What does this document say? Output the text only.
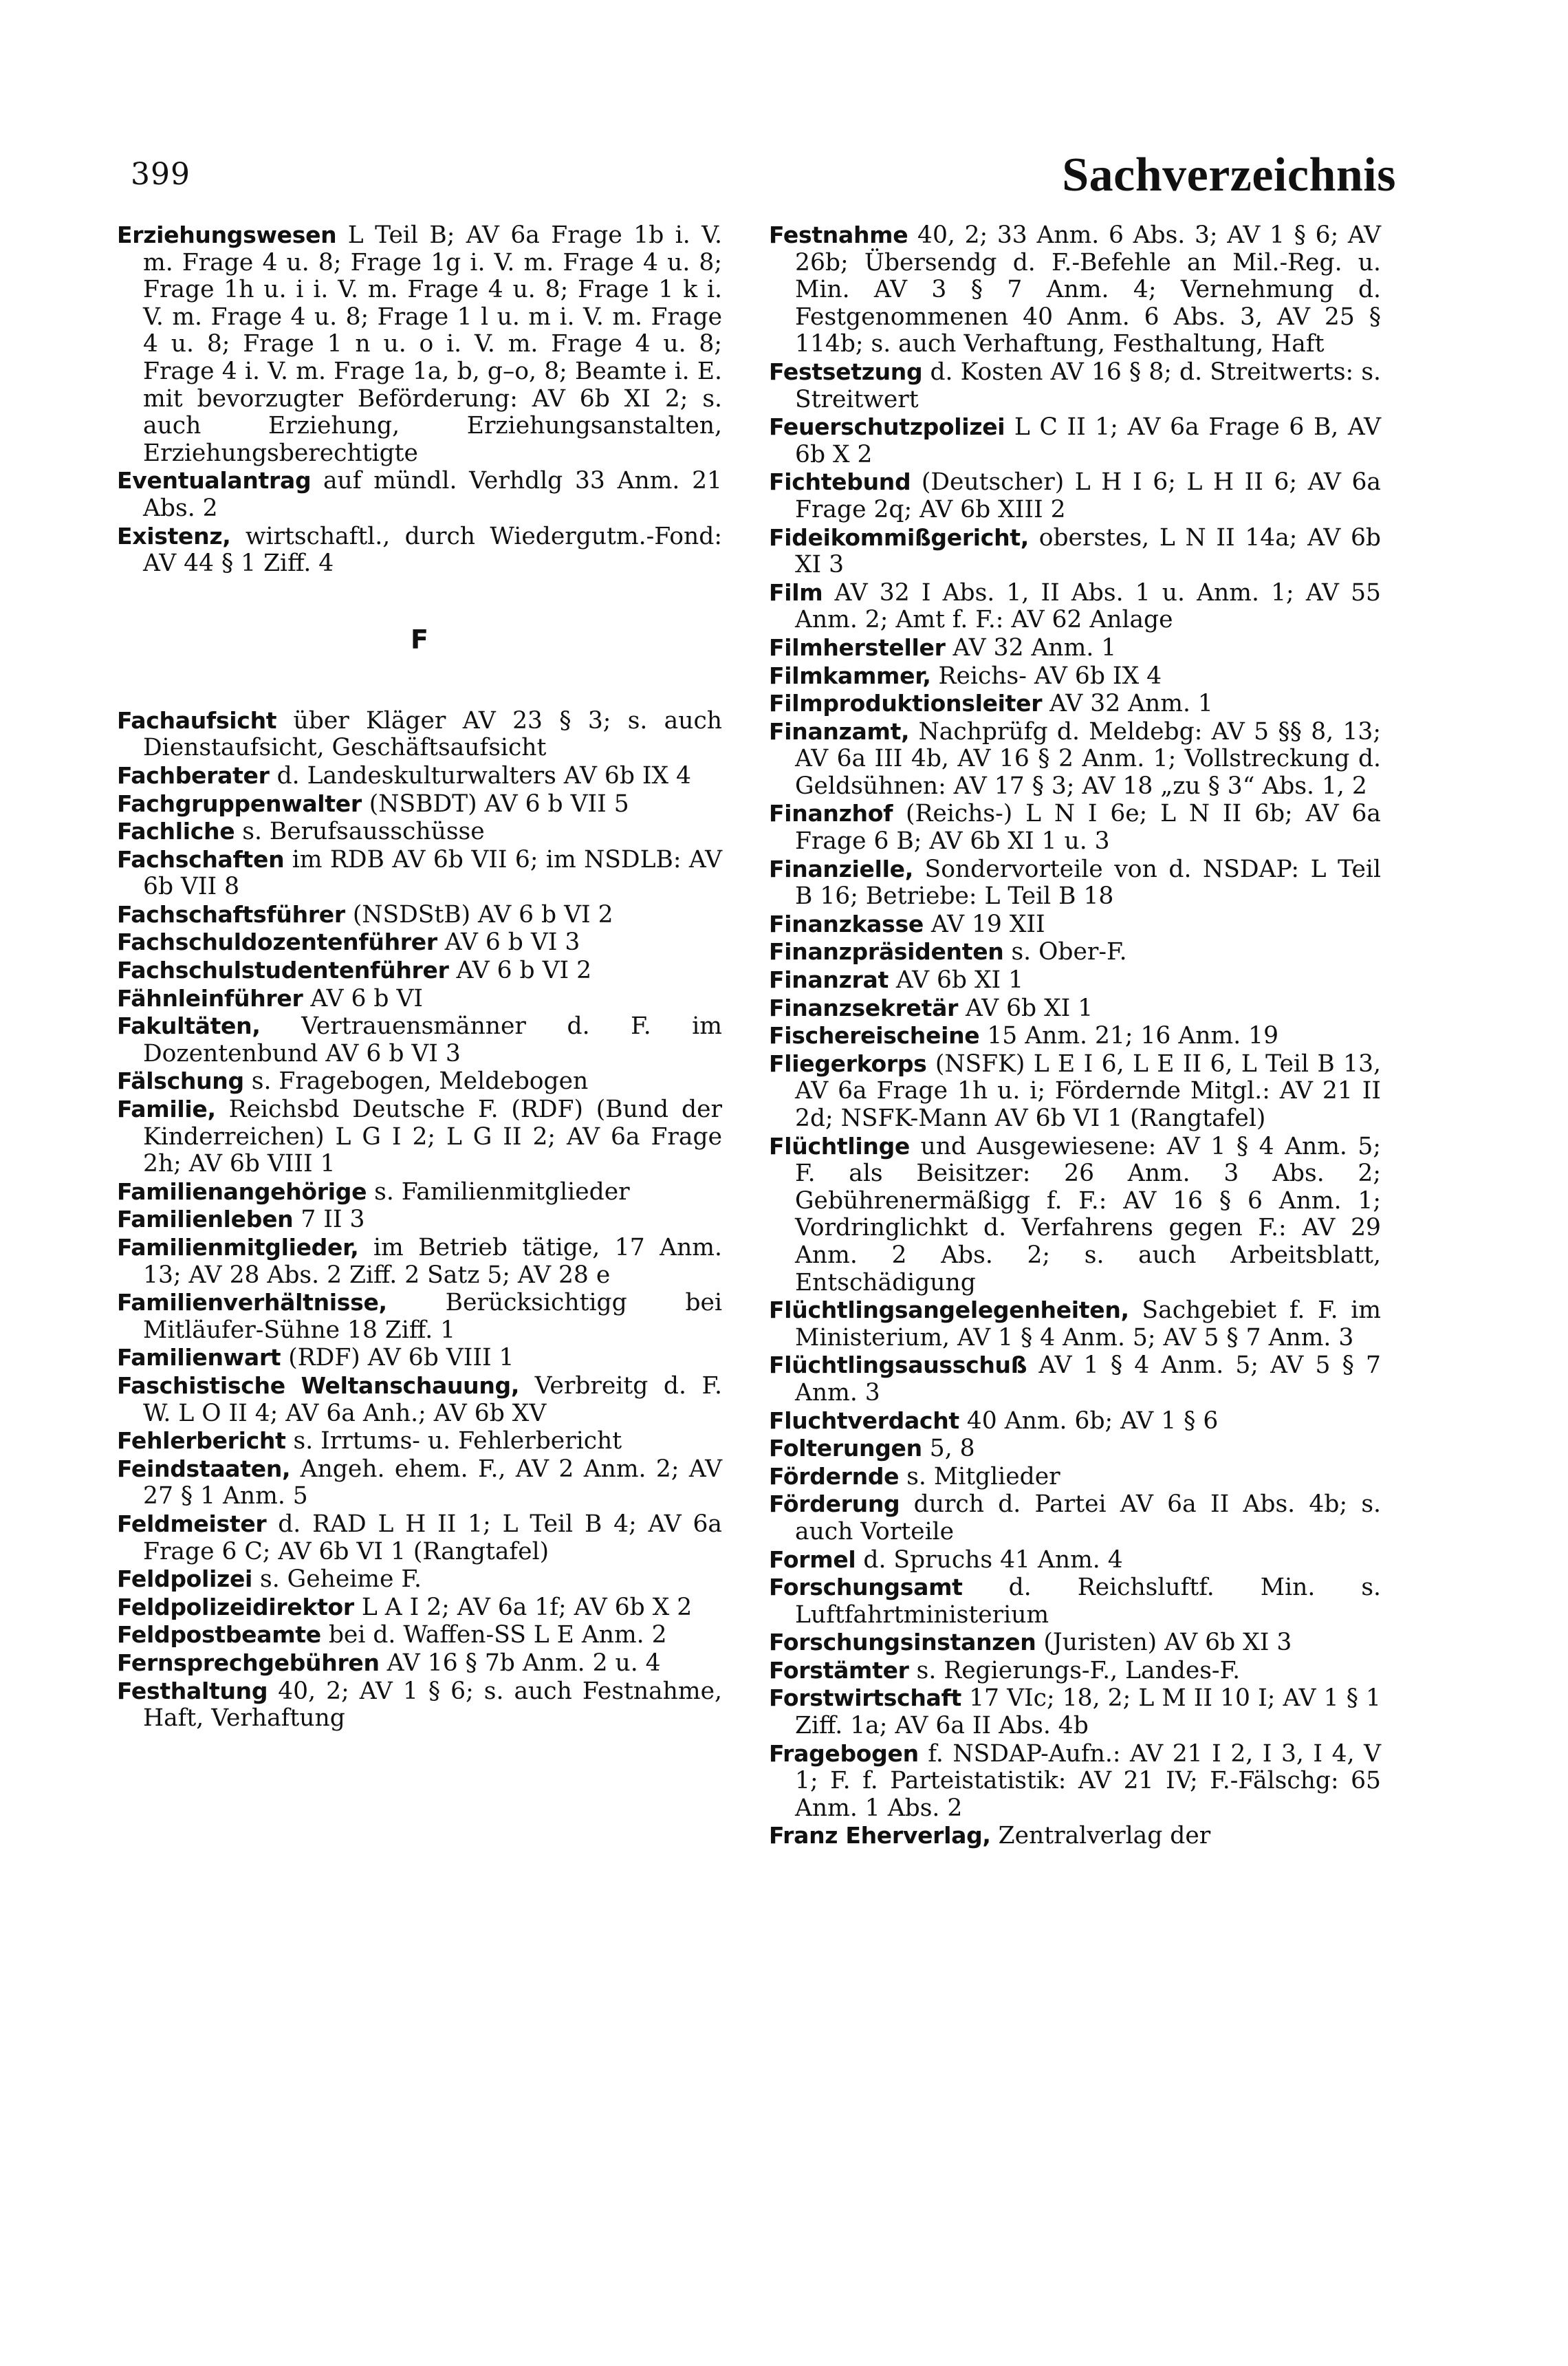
399	Sachverzeichnis

Erziehungswesen L Teil B; AV 6a Frage 1b i. V. m. Frage 4 u. 8; Frage 1g i. V. m. Frage 4 u. 8; Frage 1h u. i i. V. m. Frage 4 u. 8; Frage 1 k i. V. m. Frage 4 u. 8; Frage 1 l u. m i. V. m. Frage 4 u. 8; Frage 1 n u. o i. V. m. Frage 4 u. 8; Frage 4 i. V. m. Frage 1a, b, g–o, 8; Beamte i. E. mit bevorzugter Beförderung: AV 6b XI 2; s. auch Erziehung, Erziehungsanstalten, Erziehungsberechtigte

Eventualantrag auf mündl. Verhdlg 33 Anm. 21 Abs. 2

Existenz, wirtschaftl., durch Wiedergutm.-Fond: AV 44 § 1 Ziff. 4

F

Fachaufsicht über Kläger AV 23 § 3; s. auch Dienstaufsicht, Geschäftsaufsicht

Fachberater d. Landeskulturwalters AV 6b IX 4

Fachgruppenwalter (NSBDT) AV 6 b VII 5

Fachliche s. Berufsausschüsse

Fachschaften im RDB AV 6b VII 6; im NSDLB: AV 6b VII 8

Fachschaftsführer (NSDStB) AV 6 b VI 2

Fachschuldozentenführer AV 6 b VI 3

Fachschulstudentenführer AV 6 b VI 2

Fähnleinführer AV 6 b VI

Fakultäten, Vertrauensmänner d. F. im Dozentenbund AV 6 b VI 3

Fälschung s. Fragebogen, Meldebogen

Familie, Reichsbd Deutsche F. (RDF) (Bund der Kinderreichen) L G I 2; L G II 2; AV 6a Frage 2h; AV 6b VIII 1

Familienangehörige s. Familienmitglieder

Familienleben 7 II 3

Familienmitglieder, im Betrieb tätige, 17 Anm. 13; AV 28 Abs. 2 Ziff. 2 Satz 5; AV 28 e

Familienverhältnisse, Berücksichtigg bei Mitläufer-Sühne 18 Ziff. 1

Familienwart (RDF) AV 6b VIII 1

Faschistische Weltanschauung, Verbreitg d. F. W. L O II 4; AV 6a Anh.; AV 6b XV

Fehlerbericht s. Irrtums- u. Fehlerbericht

Feindstaaten, Angeh. ehem. F., AV 2 Anm. 2; AV 27 § 1 Anm. 5

Feldmeister d. RAD L H II 1; L Teil B 4; AV 6a Frage 6 C; AV 6b VI 1 (Rangtafel)

Feldpolizei s. Geheime F.

Feldpolizeidirektor L A I 2; AV 6a 1f; AV 6b X 2

Feldpostbeamte bei d. Waffen-SS L E Anm. 2

Fernsprechgebühren AV 16 § 7b Anm. 2 u. 4

Festhaltung 40, 2; AV 1 § 6; s. auch Festnahme, Haft, Verhaftung

Festnahme 40, 2; 33 Anm. 6 Abs. 3; AV 1 § 6; AV 26b; Übersendg d. F.-Befehle an Mil.-Reg. u. Min. AV 3 § 7 Anm. 4; Vernehmung d. Festgenommenen 40 Anm. 6 Abs. 3, AV 25 § 114b; s. auch Verhaftung, Festhaltung, Haft

Festsetzung d. Kosten AV 16 § 8; d. Streitwerts: s. Streitwert

Feuerschutzpolizei L C II 1; AV 6a Frage 6 B, AV 6b X 2

Fichtebund (Deutscher) L H I 6; L H II 6; AV 6a Frage 2q; AV 6b XIII 2

Fideikommißgericht, oberstes, L N II 14a; AV 6b XI 3

Film AV 32 I Abs. 1, II Abs. 1 u. Anm. 1; AV 55 Anm. 2; Amt f. F.: AV 62 Anlage

Filmhersteller AV 32 Anm. 1

Filmkammer, Reichs- AV 6b IX 4

Filmproduktionsleiter AV 32 Anm. 1

Finanzamt, Nachprüfg d. Meldebg: AV 5 §§ 8, 13; AV 6a III 4b, AV 16 § 2 Anm. 1; Vollstreckung d. Geldsühnen: AV 17 § 3; AV 18 „zu § 3“ Abs. 1, 2

Finanzhof (Reichs-) L N I 6e; L N II 6b; AV 6a Frage 6 B; AV 6b XI 1 u. 3

Finanzielle, Sondervorteile von d. NSDAP: L Teil B 16; Betriebe: L Teil B 18

Finanzkasse AV 19 XII

Finanzpräsidenten s. Ober-F.

Finanzrat AV 6b XI 1

Finanzsekretär AV 6b XI 1

Fischereischeine 15 Anm. 21; 16 Anm. 19

Fliegerkorps (NSFK) L E I 6, L E II 6, L Teil B 13, AV 6a Frage 1h u. i; Fördernde Mitgl.: AV 21 II 2d; NSFK-Mann AV 6b VI 1 (Rangtafel)

Flüchtlinge und Ausgewiesene: AV 1 § 4 Anm. 5; F. als Beisitzer: 26 Anm. 3 Abs. 2; Gebührenermäßigg f. F.: AV 16 § 6 Anm. 1; Vordringlichkt d. Verfahrens gegen F.: AV 29 Anm. 2 Abs. 2; s. auch Arbeitsblatt, Entschädigung

Flüchtlingsangelegenheiten, Sachgebiet f. F. im Ministerium, AV 1 § 4 Anm. 5; AV 5 § 7 Anm. 3

Flüchtlingsausschuß AV 1 § 4 Anm. 5; AV 5 § 7 Anm. 3

Fluchtverdacht 40 Anm. 6b; AV 1 § 6

Folterungen 5, 8

Fördernde s. Mitglieder

Förderung durch d. Partei AV 6a II Abs. 4b; s. auch Vorteile

Formel d. Spruchs 41 Anm. 4

Forschungsamt d. Reichsluftf. Min. s. Luftfahrtministerium

Forschungsinstanzen (Juristen) AV 6b XI 3

Forstämter s. Regierungs-F., Landes-F.

Forstwirtschaft 17 VIc; 18, 2; L M II 10 I; AV 1 § 1 Ziff. 1a; AV 6a II Abs. 4b

Fragebogen f. NSDAP-Aufn.: AV 21 I 2, I 3, I 4, V 1; F. f. Parteistatistik: AV 21 IV; F.-Fälschg: 65 Anm. 1 Abs. 2

Franz Eherverlag, Zentralverlag der
